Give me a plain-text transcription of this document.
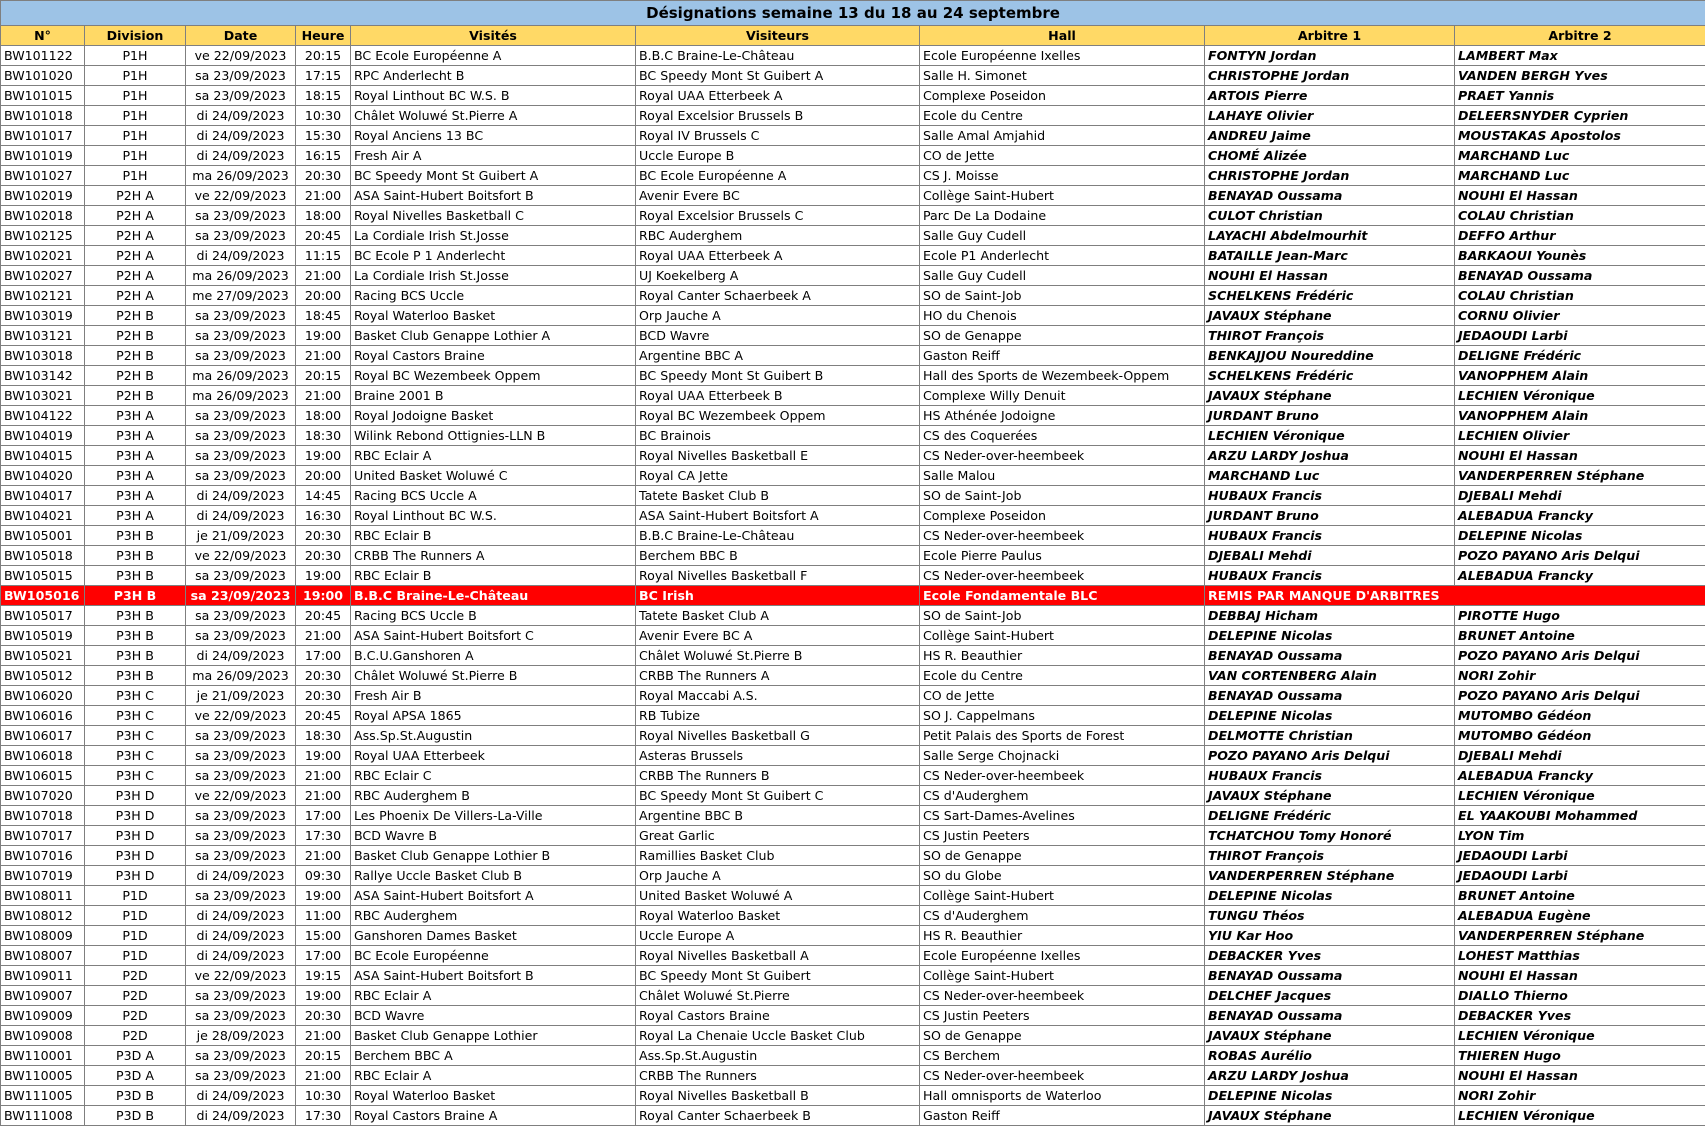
Désignations semaine 13 du 18 au 24 septembre								
N°	Division	Date	Heure	Visités	Visiteurs	Hall	Arbitre 1	Arbitre 2
BW101122	P1H	ve 22/09/2023	20:15	BC Ecole Européenne A	B.B.C Braine-Le-Château	Ecole Européenne Ixelles	FONTYN Jordan	LAMBERT Max
BW101020	P1H	sa 23/09/2023	17:15	RPC Anderlecht B	BC Speedy Mont St Guibert A	Salle H. Simonet	CHRISTOPHE Jordan	VANDEN BERGH Yves
BW101015	P1H	sa 23/09/2023	18:15	Royal Linthout BC W.S. B	Royal UAA Etterbeek A	Complexe Poseidon	ARTOIS Pierre	PRAET Yannis
BW101018	P1H	di 24/09/2023	10:30	Châlet Woluwé St.Pierre A	Royal Excelsior Brussels B	Ecole du Centre	LAHAYE Olivier	DELEERSNYDER Cyprien
BW101017	P1H	di 24/09/2023	15:30	Royal Anciens 13 BC	Royal IV Brussels C	Salle Amal Amjahid	ANDREU Jaime	MOUSTAKAS Apostolos
BW101019	P1H	di 24/09/2023	16:15	Fresh Air A	Uccle Europe B	CO de Jette	CHOMÉ Alizée	MARCHAND Luc
BW101027	P1H	ma 26/09/2023	20:30	BC Speedy Mont St Guibert A	BC Ecole Européenne A	CS J. Moisse	CHRISTOPHE Jordan	MARCHAND Luc
BW102019	P2H A	ve 22/09/2023	21:00	ASA Saint-Hubert Boitsfort B	Avenir Evere BC	Collège Saint-Hubert	BENAYAD Oussama	NOUHI El Hassan
BW102018	P2H A	sa 23/09/2023	18:00	Royal Nivelles Basketball C	Royal Excelsior Brussels C	Parc De La Dodaine	CULOT Christian	COLAU Christian
BW102125	P2H A	sa 23/09/2023	20:45	La Cordiale Irish St.Josse	RBC Auderghem	Salle Guy Cudell	LAYACHI Abdelmourhit	DEFFO Arthur
BW102021	P2H A	di 24/09/2023	11:15	BC Ecole P 1 Anderlecht	Royal UAA Etterbeek A	Ecole P1 Anderlecht	BATAILLE Jean-Marc	BARKAOUI Younès
BW102027	P2H A	ma 26/09/2023	21:00	La Cordiale Irish St.Josse	UJ Koekelberg A	Salle Guy Cudell	NOUHI El Hassan	BENAYAD Oussama
BW102121	P2H A	me 27/09/2023	20:00	Racing BCS Uccle	Royal Canter Schaerbeek A	SO de Saint-Job	SCHELKENS Frédéric	COLAU Christian
BW103019	P2H B	sa 23/09/2023	18:45	Royal Waterloo Basket	Orp Jauche A	HO du Chenois	JAVAUX Stéphane	CORNU Olivier
BW103121	P2H B	sa 23/09/2023	19:00	Basket Club Genappe Lothier A	BCD Wavre	SO de Genappe	THIROT François	JEDAOUDI Larbi
BW103018	P2H B	sa 23/09/2023	21:00	Royal Castors Braine	Argentine BBC A	Gaston Reiff	BENKAJJOU Noureddine	DELIGNE Frédéric
BW103142	P2H B	ma 26/09/2023	20:15	Royal BC Wezembeek Oppem	BC Speedy Mont St Guibert B	Hall des Sports de Wezembeek-Oppem	SCHELKENS Frédéric	VANOPPHEM Alain
BW103021	P2H B	ma 26/09/2023	21:00	Braine 2001 B	Royal UAA Etterbeek B	Complexe Willy Denuit	JAVAUX Stéphane	LECHIEN Véronique
BW104122	P3H A	sa 23/09/2023	18:00	Royal Jodoigne Basket	Royal BC Wezembeek Oppem	HS Athénée Jodoigne	JURDANT Bruno	VANOPPHEM Alain
BW104019	P3H A	sa 23/09/2023	18:30	Wilink Rebond Ottignies-LLN B	BC Brainois	CS des Coquerées	LECHIEN Véronique	LECHIEN Olivier
BW104015	P3H A	sa 23/09/2023	19:00	RBC Eclair A	Royal Nivelles Basketball E	CS Neder-over-heembeek	ARZU LARDY Joshua	NOUHI El Hassan
BW104020	P3H A	sa 23/09/2023	20:00	United Basket Woluwé C	Royal CA Jette	Salle Malou	MARCHAND Luc	VANDERPERREN Stéphane
BW104017	P3H A	di 24/09/2023	14:45	Racing BCS Uccle A	Tatete Basket Club B	SO de Saint-Job	HUBAUX Francis	DJEBALI Mehdi
BW104021	P3H A	di 24/09/2023	16:30	Royal Linthout BC W.S.	ASA Saint-Hubert Boitsfort A	Complexe Poseidon	JURDANT Bruno	ALEBADUA Francky
BW105001	P3H B	je 21/09/2023	20:30	RBC Eclair B	B.B.C Braine-Le-Château	CS Neder-over-heembeek	HUBAUX Francis	DELEPINE Nicolas
BW105018	P3H B	ve 22/09/2023	20:30	CRBB The Runners A	Berchem BBC B	Ecole Pierre Paulus	DJEBALI Mehdi	POZO PAYANO Aris Delqui
BW105015	P3H B	sa 23/09/2023	19:00	RBC Eclair B	Royal Nivelles Basketball F	CS Neder-over-heembeek	HUBAUX Francis	ALEBADUA Francky
BW105016	P3H B	sa 23/09/2023	19:00	B.B.C Braine-Le-Château	BC Irish	Ecole Fondamentale BLC	REMIS PAR MANQUE D'ARBITRES	
BW105017	P3H B	sa 23/09/2023	20:45	Racing BCS Uccle B	Tatete Basket Club A	SO de Saint-Job	DEBBAJ Hicham	PIROTTE Hugo
BW105019	P3H B	sa 23/09/2023	21:00	ASA Saint-Hubert Boitsfort C	Avenir Evere BC A	Collège Saint-Hubert	DELEPINE Nicolas	BRUNET Antoine
BW105021	P3H B	di 24/09/2023	17:00	B.C.U.Ganshoren A	Châlet Woluwé St.Pierre B	HS R. Beauthier	BENAYAD Oussama	POZO PAYANO Aris Delqui
BW105012	P3H B	ma 26/09/2023	20:30	Châlet Woluwé St.Pierre B	CRBB The Runners A	Ecole du Centre	VAN CORTENBERG Alain	NORI Zohir
BW106020	P3H C	je 21/09/2023	20:30	Fresh Air B	Royal Maccabi A.S.	CO de Jette	BENAYAD Oussama	POZO PAYANO Aris Delqui
BW106016	P3H C	ve 22/09/2023	20:45	Royal APSA 1865	RB Tubize	SO J. Cappelmans	DELEPINE Nicolas	MUTOMBO Gédéon
BW106017	P3H C	sa 23/09/2023	18:30	Ass.Sp.St.Augustin	Royal Nivelles Basketball G	Petit Palais des Sports de Forest	DELMOTTE Christian	MUTOMBO Gédéon
BW106018	P3H C	sa 23/09/2023	19:00	Royal UAA Etterbeek	Asteras Brussels	Salle Serge Chojnacki	POZO PAYANO Aris Delqui	DJEBALI Mehdi
BW106015	P3H C	sa 23/09/2023	21:00	RBC Eclair C	CRBB The Runners B	CS Neder-over-heembeek	HUBAUX Francis	ALEBADUA Francky
BW107020	P3H D	ve 22/09/2023	21:00	RBC Auderghem B	BC Speedy Mont St Guibert C	CS d'Auderghem	JAVAUX Stéphane	LECHIEN Véronique
BW107018	P3H D	sa 23/09/2023	17:00	Les Phoenix De Villers-La-Ville	Argentine BBC B	CS Sart-Dames-Avelines	DELIGNE Frédéric	EL YAAKOUBI Mohammed
BW107017	P3H D	sa 23/09/2023	17:30	BCD Wavre B	Great Garlic	CS Justin Peeters	TCHATCHOU Tomy Honoré	LYON Tim
BW107016	P3H D	sa 23/09/2023	21:00	Basket Club Genappe Lothier B	Ramillies Basket Club	SO de Genappe	THIROT François	JEDAOUDI Larbi
BW107019	P3H D	di 24/09/2023	09:30	Rallye Uccle Basket Club B	Orp Jauche A	SO du Globe	VANDERPERREN Stéphane	JEDAOUDI Larbi
BW108011	P1D	sa 23/09/2023	19:00	ASA Saint-Hubert Boitsfort A	United Basket Woluwé A	Collège Saint-Hubert	DELEPINE Nicolas	BRUNET Antoine
BW108012	P1D	di 24/09/2023	11:00	RBC Auderghem	Royal Waterloo Basket	CS d'Auderghem	TUNGU Théos	ALEBADUA Eugène
BW108009	P1D	di 24/09/2023	15:00	Ganshoren Dames Basket	Uccle Europe A	HS R. Beauthier	YIU Kar Hoo	VANDERPERREN Stéphane
BW108007	P1D	di 24/09/2023	17:00	BC Ecole Européenne	Royal Nivelles Basketball A	Ecole Européenne Ixelles	DEBACKER Yves	LOHEST Matthias
BW109011	P2D	ve 22/09/2023	19:15	ASA Saint-Hubert Boitsfort B	BC Speedy Mont St Guibert	Collège Saint-Hubert	BENAYAD Oussama	NOUHI El Hassan
BW109007	P2D	sa 23/09/2023	19:00	RBC Eclair A	Châlet Woluwé St.Pierre	CS Neder-over-heembeek	DELCHEF Jacques	DIALLO Thierno
BW109009	P2D	sa 23/09/2023	20:30	BCD Wavre	Royal Castors Braine	CS Justin Peeters	BENAYAD Oussama	DEBACKER Yves
BW109008	P2D	je 28/09/2023	21:00	Basket Club Genappe Lothier	Royal La Chenaie Uccle Basket Club	SO de Genappe	JAVAUX Stéphane	LECHIEN Véronique
BW110001	P3D A	sa 23/09/2023	20:15	Berchem BBC A	Ass.Sp.St.Augustin	CS Berchem	ROBAS Aurélio	THIEREN Hugo
BW110005	P3D A	sa 23/09/2023	21:00	RBC Eclair A	CRBB The Runners	CS Neder-over-heembeek	ARZU LARDY Joshua	NOUHI El Hassan
BW111005	P3D B	di 24/09/2023	10:30	Royal Waterloo Basket	Royal Nivelles Basketball B	Hall omnisports de Waterloo	DELEPINE Nicolas	NORI Zohir
BW111008	P3D B	di 24/09/2023	17:30	Royal Castors Braine A	Royal Canter Schaerbeek B	Gaston Reiff	JAVAUX Stéphane	LECHIEN Véronique
